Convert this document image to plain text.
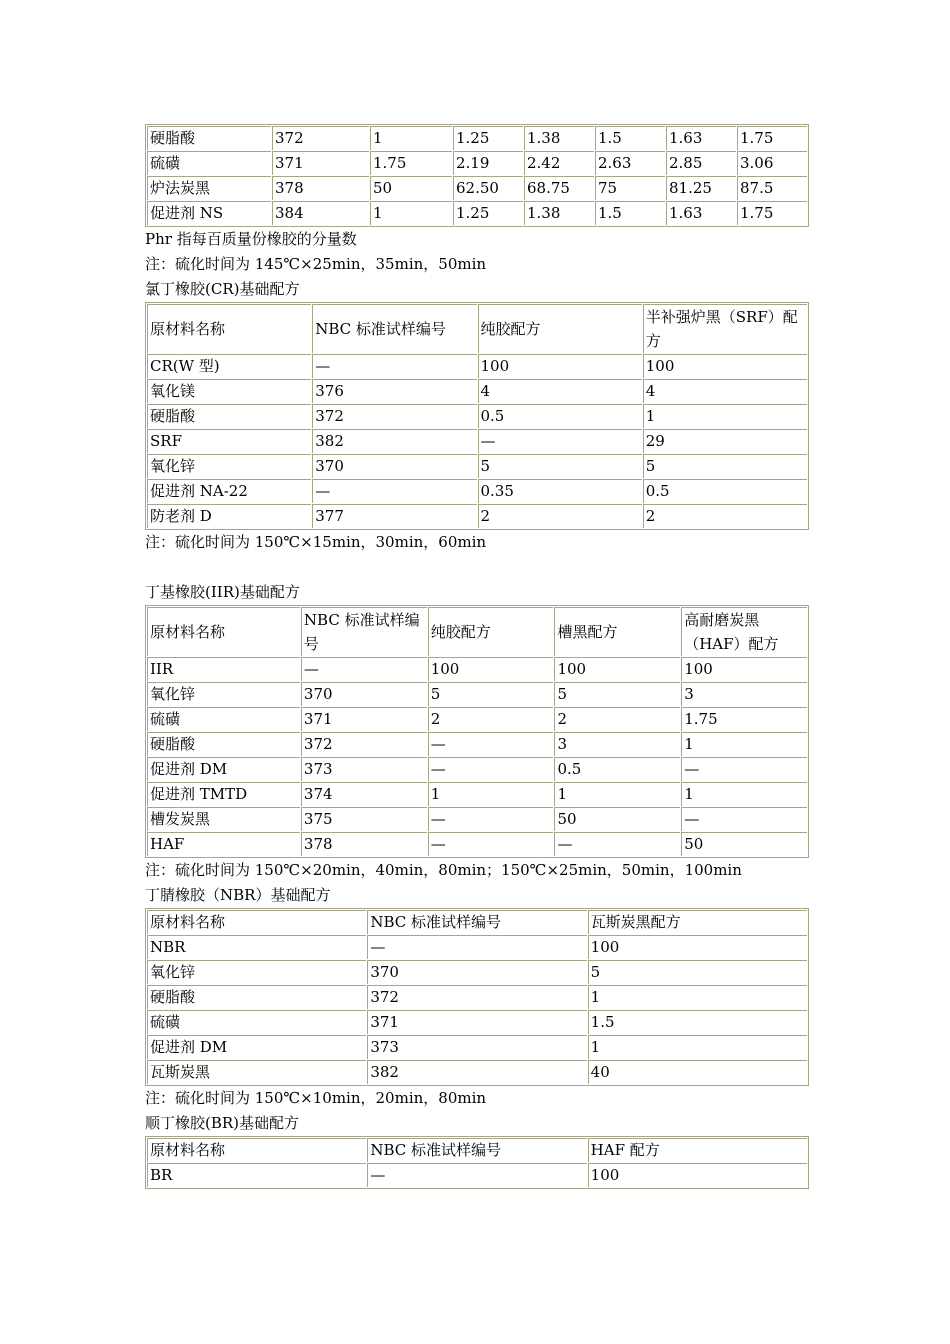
硬脂酸	372	1	1.25	1.38	1.5	1.63	1.75
硫磺	371	1.75	2.19	2.42	2.63	2.85	3.06
炉法炭黑	378	50	62.50	68.75	75	81.25	87.5
促进剂 NS	384	1	1.25	1.38	1.5	1.63	1.75
Phr 指每百质量份橡胶的分量数
注：硫化时间为 145℃×25min，35min，50min
氯丁橡胶(CR)基础配方
原材料名称	NBC 标准试样编号	纯胶配方	半补强炉黑（SRF）配方
CR(W 型)	—	100	100
氧化镁	376	4	4
硬脂酸	372	0.5	1
SRF	382	—	29
氧化锌	370	5	5
促进剂 NA-22	—	0.35	0.5
防老剂 D	377	2	2
注：硫化时间为 150℃×15min，30min，60min
丁基橡胶(IIR)基础配方
原材料名称	NBC 标准试样编号	纯胶配方	槽黑配方	高耐磨炭黑（HAF）配方
IIR	—	100	100	100
氧化锌	370	5	5	3
硫磺	371	2	2	1.75
硬脂酸	372	—	3	1
促进剂 DM	373	—	0.5	—
促进剂 TMTD	374	1	1	1
槽发炭黑	375	—	50	—
HAF	378	—	—	50
注：硫化时间为 150℃×20min，40min，80min；150℃×25min，50min，100min
丁腈橡胶（NBR）基础配方
原材料名称	NBC 标准试样编号	瓦斯炭黑配方
NBR	—	100
氧化锌	370	5
硬脂酸	372	1
硫磺	371	1.5
促进剂 DM	373	1
瓦斯炭黑	382	40
注：硫化时间为 150℃×10min，20min，80min
顺丁橡胶(BR)基础配方
原材料名称	NBC 标准试样编号	HAF 配方
BR	—	100
